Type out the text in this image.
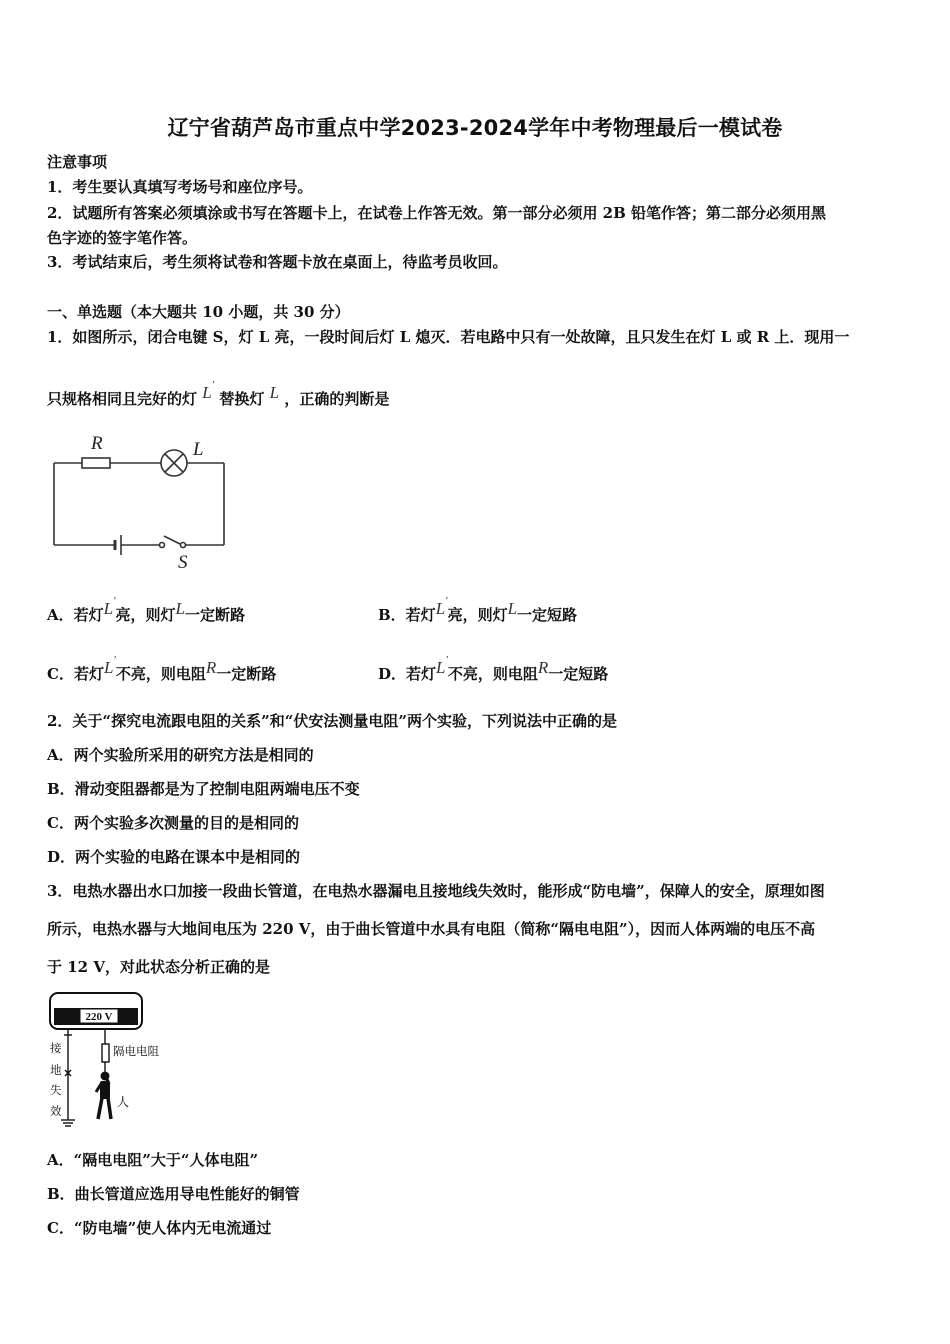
辽宁省葫芦岛市重点中学2023-2024学年中考物理最后一模试卷
注意事项
1．考生要认真填写考场号和座位序号。
2．试题所有答案必须填涂或书写在答题卡上，在试卷上作答无效。第一部分必须用 2B 铅笔作答；第二部分必须用黑
色字迹的签字笔作答。
3．考试结束后，考生须将试卷和答题卡放在桌面上，待监考员收回。
一、单选题（本大题共 10 小题，共 30 分）
1．如图所示，闭合电键 S，灯 L 亮，一段时间后灯 L 熄灭．若电路中只有一处故障，且只发生在灯 L 或 R 上．现用一
只规格相同且完好的灯 L′ 替换灯 L ，正确的判断是
R	L
S
A．若灯L′亮，则灯L一定断路	B．若灯L′亮，则灯L一定短路
C．若灯L′不亮，则电阻R一定断路	D．若灯L′不亮，则电阻R一定短路
2．关于“探究电流跟电阻的关系”和“伏安法测量电阻”两个实验，下列说法中正确的是
A．两个实验所采用的研究方法是相同的
B．滑动变阻器都是为了控制电阻两端电压不变
C．两个实验多次测量的目的是相同的
D．两个实验的电路在课本中是相同的
3．电热水器出水口加接一段曲长管道，在电热水器漏电且接地线失效时，能形成“防电墙”，保障人的安全，原理如图
所示，电热水器与大地间电压为 220 V，由于曲长管道中水具有电阻（简称“隔电电阻”），因而人体两端的电压不高
于 12 V，对此状态分析正确的是
220 V
隔电电阻
人
接
地
失
效
A．“隔电电阻”大于“人体电阻”
B．曲长管道应选用导电性能好的铜管
C．“防电墙”使人体内无电流通过
